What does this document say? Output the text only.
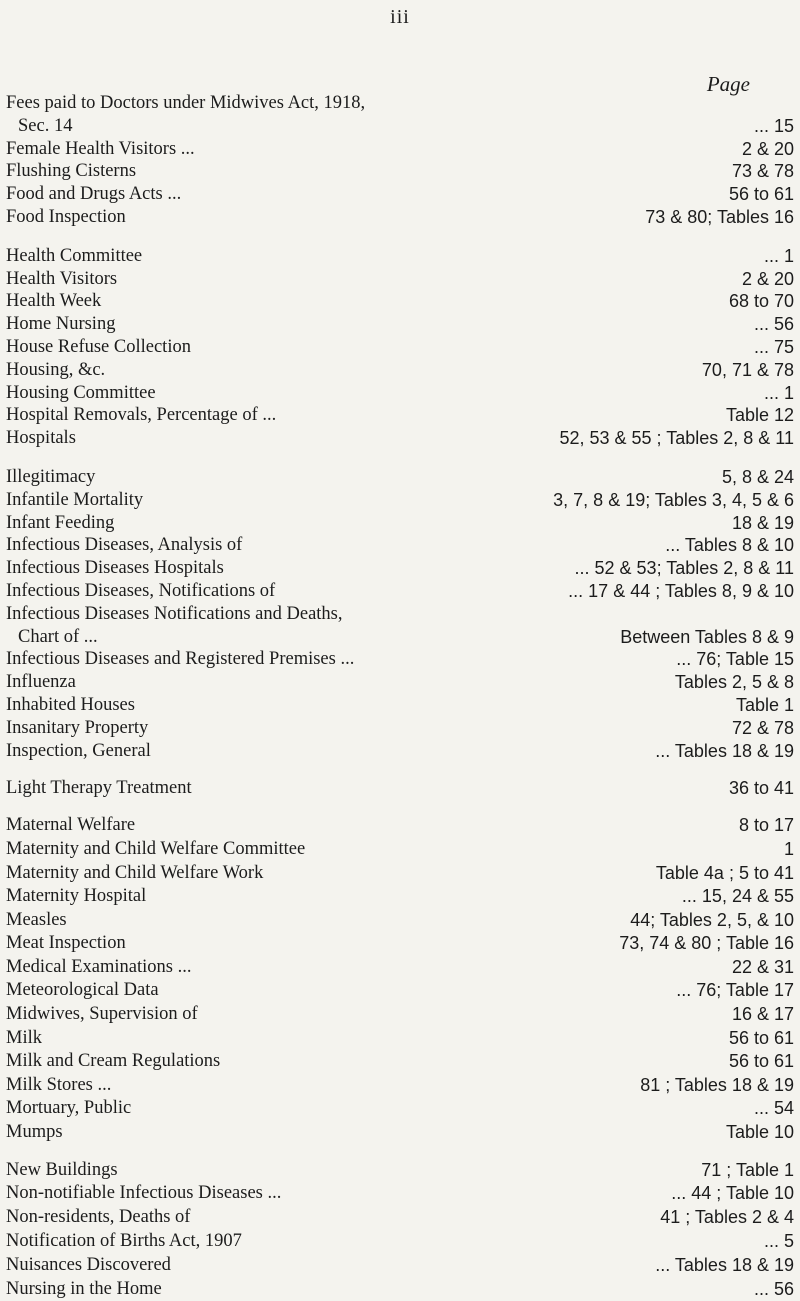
iii
Page
Fees paid to Doctors under Midwives Act, 1918,
Sec. 14	... 15
Female Health Visitors ...	2 & 20
Flushing Cisterns	73 & 78
Food and Drugs Acts ...	56 to 61
Food Inspection	73 & 80; Tables 16
Health Committee	... 1
Health Visitors	2 & 20
Health Week	68 to 70
Home Nursing	... 56
House Refuse Collection	... 75
Housing, &c.	70, 71 & 78
Housing Committee	... 1
Hospital Removals, Percentage of ...	Table 12
Hospitals	52, 53 & 55 ; Tables 2, 8 & 11
Illegitimacy	5, 8 & 24
Infantile Mortality	3, 7, 8 & 19; Tables 3, 4, 5 & 6
Infant Feeding	18 & 19
Infectious Diseases, Analysis of	... Tables 8 & 10
Infectious Diseases Hospitals	... 52 & 53; Tables 2, 8 & 11
Infectious Diseases, Notifications of	... 17 & 44 ; Tables 8, 9 & 10
Infectious Diseases Notifications and Deaths,
Chart of ...	Between Tables 8 & 9
Infectious Diseases and Registered Premises ...	... 76; Table 15
Influenza	Tables 2, 5 & 8
Inhabited Houses	Table 1
Insanitary Property	72 & 78
Inspection, General	... Tables 18 & 19
Light Therapy Treatment	36 to 41
Maternal Welfare	8 to 17
Maternity and Child Welfare Committee	1
Maternity and Child Welfare Work	Table 4a ; 5 to 41
Maternity Hospital	... 15, 24 & 55
Measles	44; Tables 2, 5, & 10
Meat Inspection	73, 74 & 80 ; Table 16
Medical Examinations ...	22 & 31
Meteorological Data	... 76; Table 17
Midwives, Supervision of	16 & 17
Milk	56 to 61
Milk and Cream Regulations	56 to 61
Milk Stores ...	81 ; Tables 18 & 19
Mortuary, Public	... 54
Mumps	Table 10
New Buildings	71 ; Table 1
Non-notifiable Infectious Diseases ...	... 44 ; Table 10
Non-residents, Deaths of	41 ; Tables 2 & 4
Notification of Births Act, 1907	... 5
Nuisances Discovered	... Tables 18 & 19
Nursing in the Home	... 56
